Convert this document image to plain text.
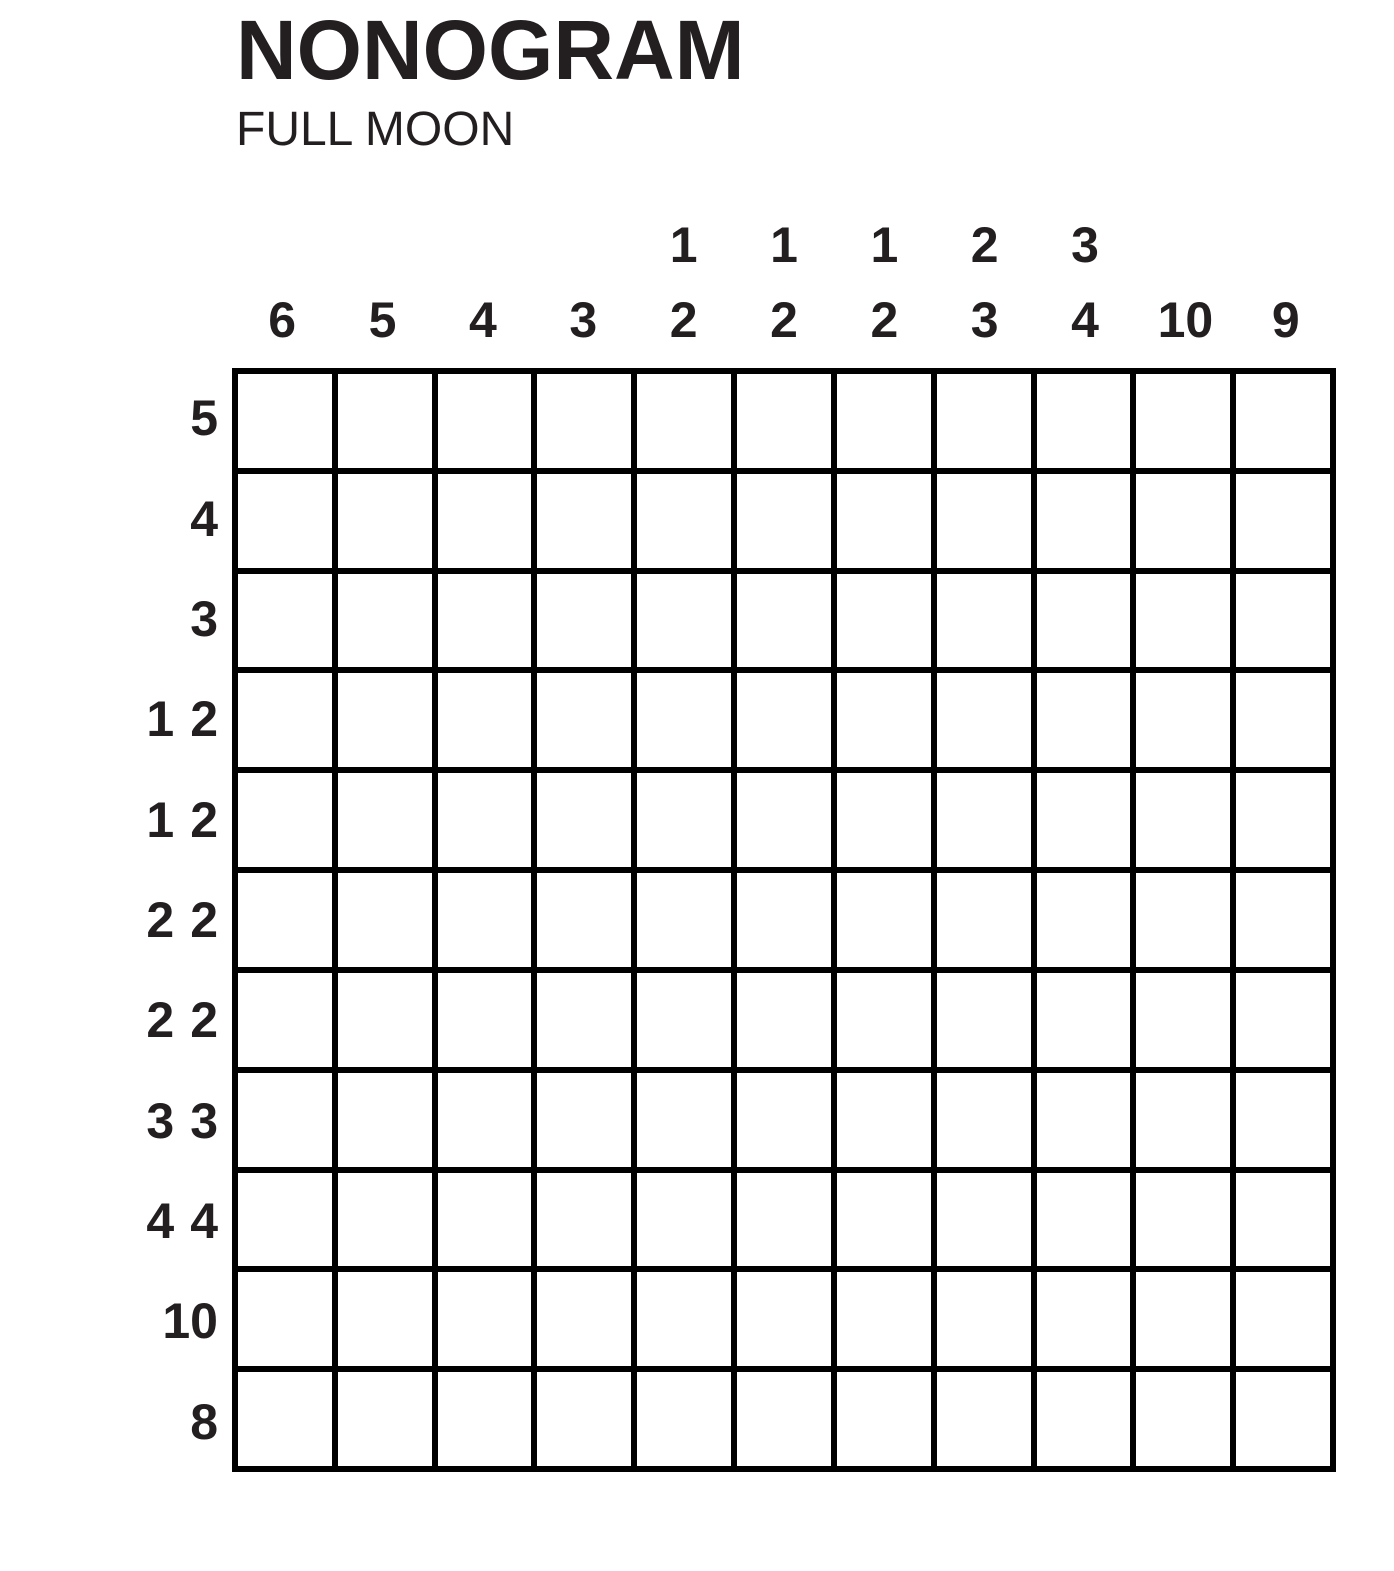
NONOGRAM
FULL MOON
6 5 4 3
1
2
1
2
1
2
2
3
3
4 10 9
5
4
3
1 2
1 2
2 2
2 2
3 3
4 4
10
8
